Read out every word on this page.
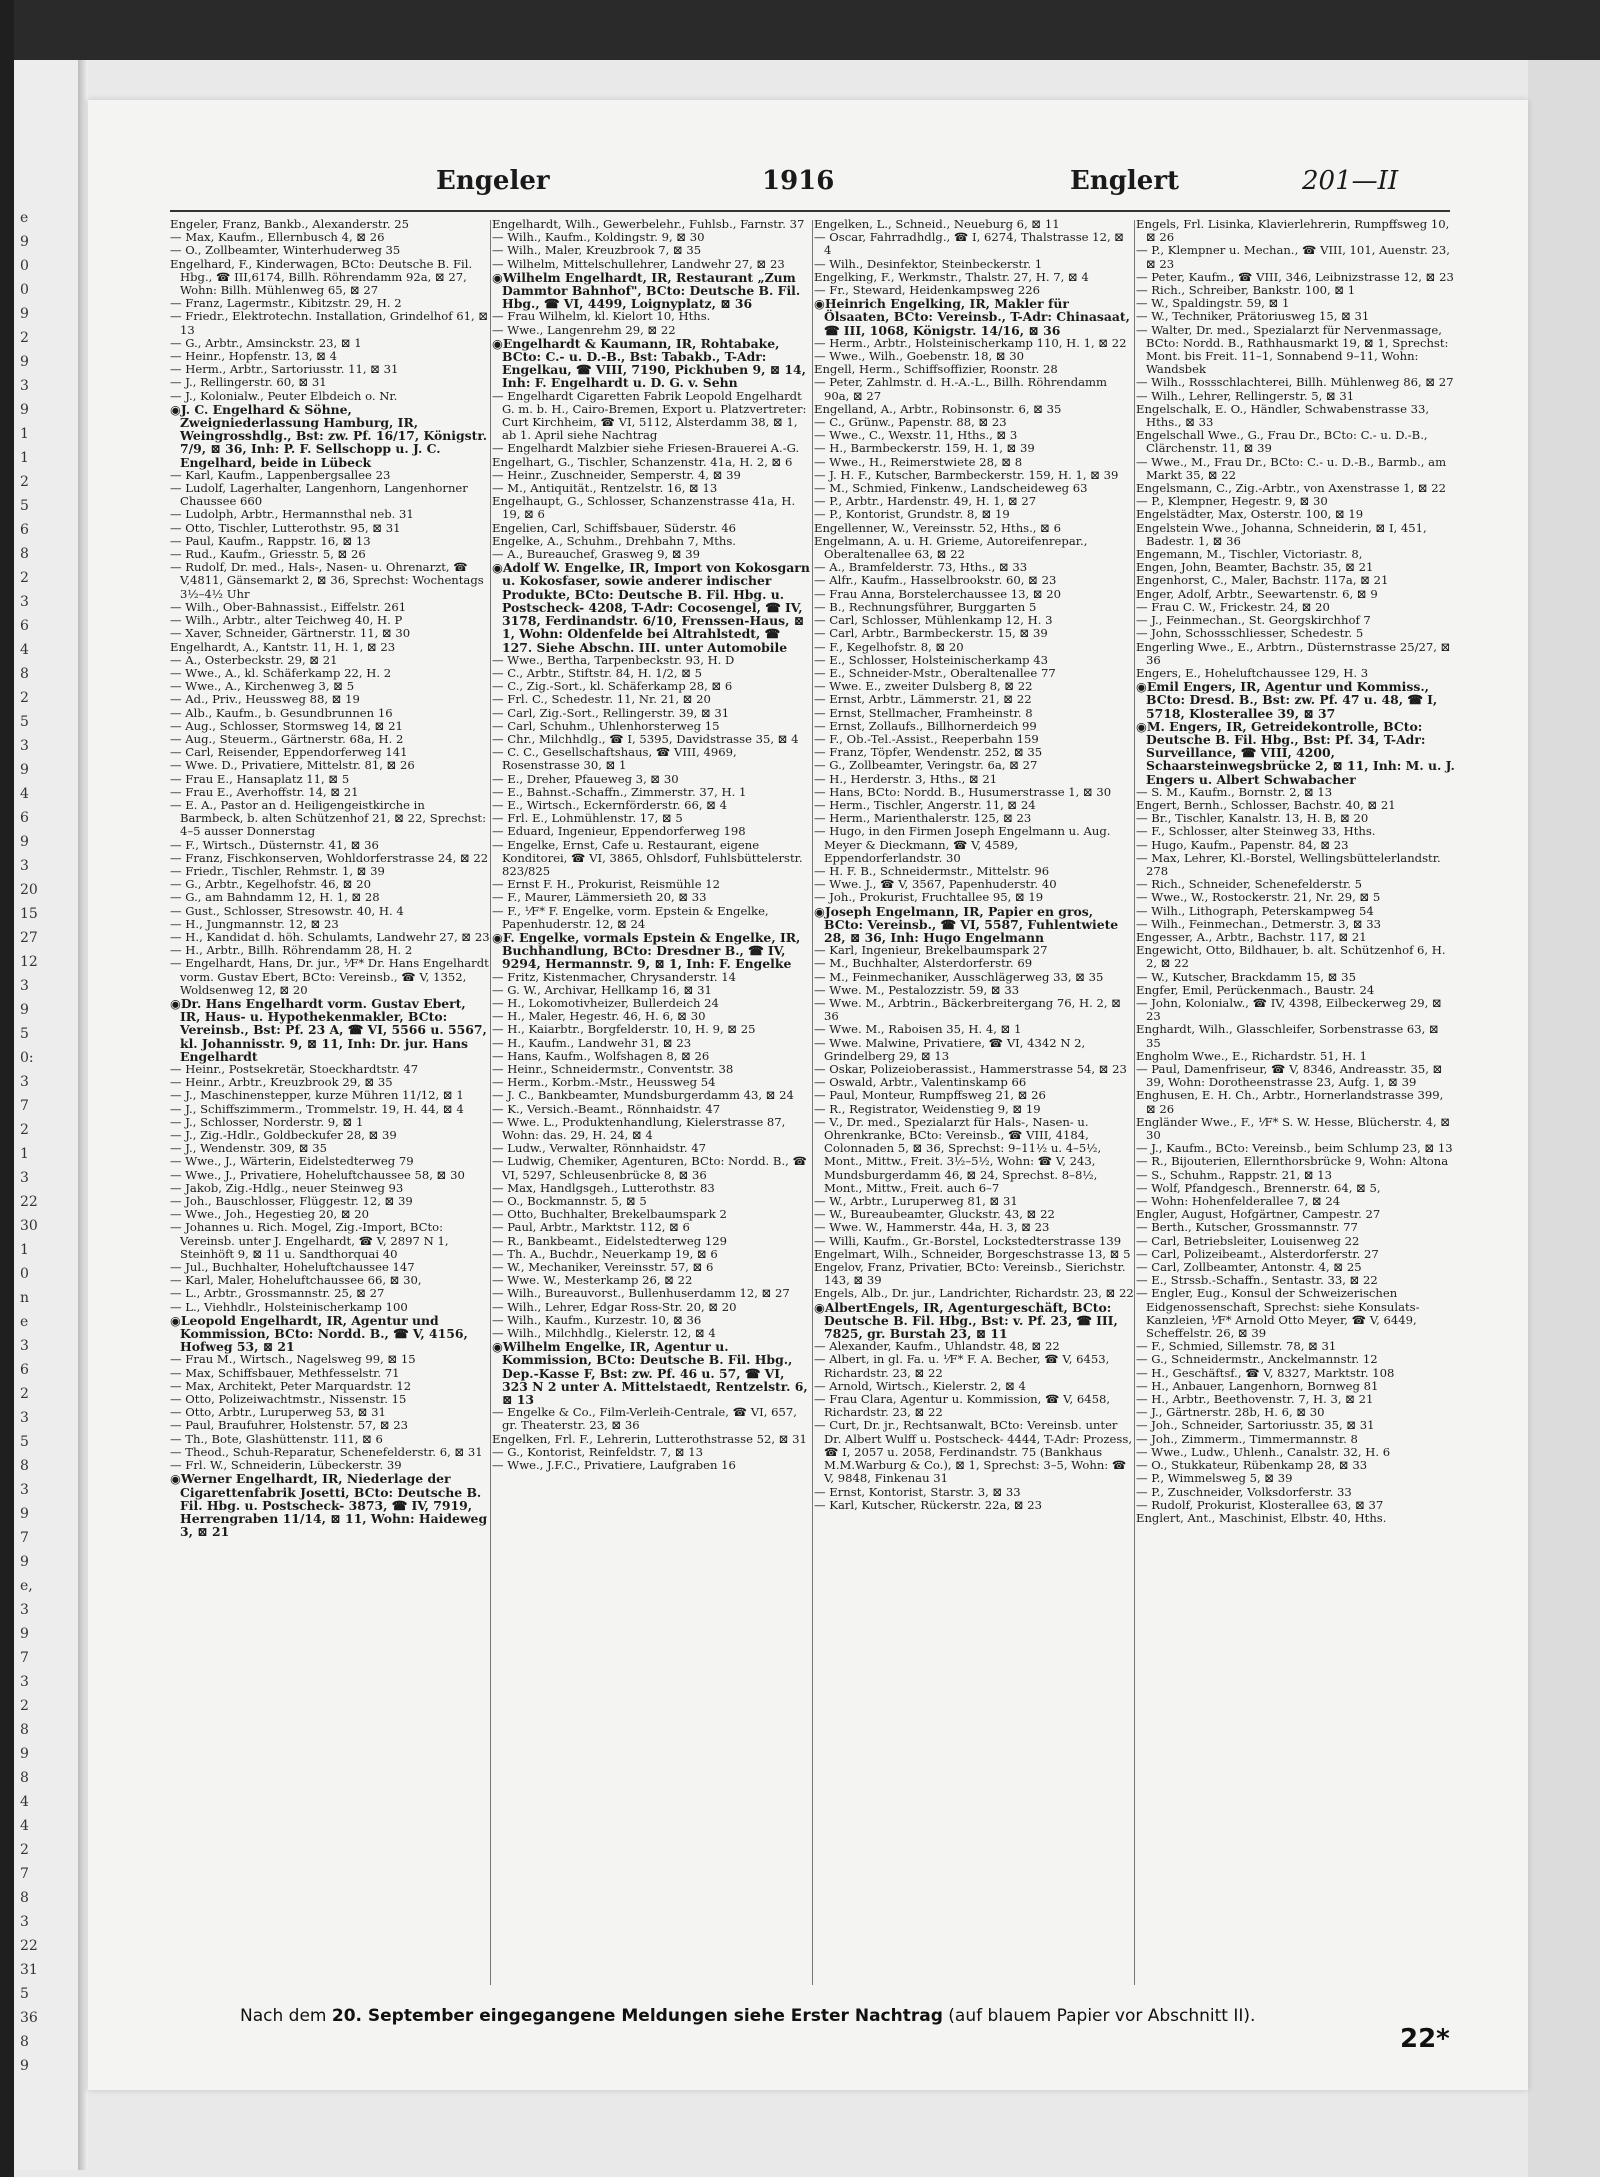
e
9
0
0
9
2
9
3
9
1
1
2
5
6
8
2
3
6
4
8
2
5
3
9
4
6
9
3
20
15
27
12
3
9
5
0:
3
7
2
1
3
22
30
1
0
n
e
3
6
2
3
5
8
3
9
7
9
e,
3
9
7
3
2
8
9
8
4
4
2
7
8
3
22
31
5
36
8
9
Engeler	1916	Englert	201—II

Engeler, Franz, Bankb., Alexanderstr. 25

— Max, Kaufm., Ellernbusch 4, ⊠ 26

— O., Zollbeamter, Winterhuderweg 35

Engelhard, F., Kinderwagen, BCto: Deutsche B. Fil. Hbg., ☎ III,6174, Billh. Röhrendamm 92a, ⊠ 27, Wohn: Billh. Mühlenweg 65, ⊠ 27

— Franz, Lagermstr., Kibitzstr. 29, H. 2

— Friedr., Elektrotechn. Installation, Grindelhof 61, ⊠ 13

— G., Arbtr., Amsinckstr. 23, ⊠ 1

— Heinr., Hopfenstr. 13, ⊠ 4

— Herm., Arbtr., Sartoriusstr. 11, ⊠ 31

— J., Rellingerstr. 60, ⊠ 31

— J., Kolonialw., Peuter Elbdeich o. Nr.

◉ J. C. Engelhard & Söhne, Zweigniederlassung Hamburg, IR, Weingrosshdlg., Bst: zw. Pf. 16/17, Königstr. 7/9, ⊠ 36, Inh: P. F. Sellschopp u. J. C. Engelhard, beide in Lübeck

— Karl, Kaufm., Lappenbergsallee 23

— Ludolf, Lagerhalter, Langenhorn, Langenhorner Chaussee 660

— Ludolph, Arbtr., Hermannsthal neb. 31

— Otto, Tischler, Lutterothstr. 95, ⊠ 31

— Paul, Kaufm., Rappstr. 16, ⊠ 13

— Rud., Kaufm., Griesstr. 5, ⊠ 26

— Rudolf, Dr. med., Hals-, Nasen- u. Ohrenarzt, ☎ V,4811, Gänsemarkt 2, ⊠ 36, Sprechst: Wochentags 3½–4½ Uhr

— Wilh., Ober-Bahnassist., Eiffelstr. 261

— Wilh., Arbtr., alter Teichweg 40, H. P

— Xaver, Schneider, Gärtnerstr. 11, ⊠ 30

Engelhardt, A., Kantstr. 11, H. 1, ⊠ 23

— A., Osterbeckstr. 29, ⊠ 21

— Wwe., A., kl. Schäferkamp 22, H. 2

— Wwe., A., Kirchenweg 3, ⊠ 5

— Ad., Priv., Heussweg 88, ⊠ 19

— Alb., Kaufm., b. Gesundbrunnen 16

— Aug., Schlosser, Stormsweg 14, ⊠ 21

— Aug., Steuerm., Gärtnerstr. 68a, H. 2

— Carl, Reisender, Eppendorferweg 141

— Wwe. D., Privatiere, Mittelstr. 81, ⊠ 26

— Frau E., Hansaplatz 11, ⊠ 5

— Frau E., Averhoffstr. 14, ⊠ 21

— E. A., Pastor an d. Heiligengeistkirche in Barmbeck, b. alten Schützenhof 21, ⊠ 22, Sprechst: 4–5 ausser Donnerstag

— F., Wirtsch., Düsternstr. 41, ⊠ 36

— Franz, Fischkonserven, Wohldorferstrasse 24, ⊠ 22

— Friedr., Tischler, Rehmstr. 1, ⊠ 39

— G., Arbtr., Kegelhofstr. 46, ⊠ 20

— G., am Bahndamm 12, H. 1, ⊠ 28

— Gust., Schlosser, Stresowstr. 40, H. 4

— H., Jungmannstr. 12, ⊠ 23

— H., Kandidat d. höh. Schulamts, Landwehr 27, ⊠ 23

— H., Arbtr., Billh. Röhrendamm 28, H. 2

— Engelhardt, Hans, Dr. jur., ⅟F* Dr. Hans Engelhardt vorm. Gustav Ebert, BCto: Vereinsb., ☎ V, 1352, Woldsenweg 12, ⊠ 20

◉ Dr. Hans Engelhardt vorm. Gustav Ebert, IR, Haus- u. Hypothekenmakler, BCto: Vereinsb., Bst: Pf. 23 A, ☎ VI, 5566 u. 5567, kl. Johannisstr. 9, ⊠ 11, Inh: Dr. jur. Hans Engelhardt

— Heinr., Postsekretär, Stoeckhardtstr. 47

— Heinr., Arbtr., Kreuzbrook 29, ⊠ 35

— J., Maschinenstepper, kurze Mühren 11/12, ⊠ 1

— J., Schiffszimmerm., Trommelstr. 19, H. 44, ⊠ 4

— J., Schlosser, Norderstr. 9, ⊠ 1

— J., Zig.-Hdlr., Goldbeckufer 28, ⊠ 39

— J., Wendenstr. 309, ⊠ 35

— Wwe., J., Wärterin, Eidelstedterweg 79

— Wwe., J., Privatiere, Hoheluftchaussee 58, ⊠ 30

— Jakob, Zig.-Hdlg., neuer Steinweg 93

— Joh., Bauschlosser, Flüggestr. 12, ⊠ 39

— Wwe., Joh., Hegestieg 20, ⊠ 20

— Johannes u. Rich. Mogel, Zig.-Import, BCto: Vereinsb. unter J. Engelhardt, ☎ V, 2897 N 1, Steinhöft 9, ⊠ 11 u. Sandthorquai 40

— Jul., Buchhalter, Hoheluftchaussee 147

— Karl, Maler, Hoheluftchaussee 66, ⊠ 30,

— L., Arbtr., Grossmannstr. 25, ⊠ 27

— L., Viehhdlr., Holsteinischerkamp 100

◉ Leopold Engelhardt, IR, Agentur und Kommission, BCto: Nordd. B., ☎ V, 4156, Hofweg 53, ⊠ 21

— Frau M., Wirtsch., Nagelsweg 99, ⊠ 15

— Max, Schiffsbauer, Methfesselstr. 71

— Max, Architekt, Peter Marquardstr. 12

— Otto, Polizeiwachtmstr., Nissenstr. 15

— Otto, Arbtr., Luruperweg 53, ⊠ 31

— Paul, Braufuhrer, Holstenstr. 57, ⊠ 23

— Th., Bote, Glashüttenstr. 111, ⊠ 6

— Theod., Schuh-Reparatur, Schenefelderstr. 6, ⊠ 31

— Frl. W., Schneiderin, Lübeckerstr. 39

◉ Werner Engelhardt, IR, Niederlage der Cigarettenfabrik Josetti, BCto: Deutsche B. Fil. Hbg. u. Postscheck- 3873, ☎ IV, 7919, Herrengraben 11/14, ⊠ 11, Wohn: Haideweg 3, ⊠ 21

Engelhardt, Wilh., Gewerbelehr., Fuhlsb., Farnstr. 37

— Wilh., Kaufm., Koldingstr. 9, ⊠ 30

— Wilh., Maler, Kreuzbrook 7, ⊠ 35

— Wilhelm, Mittelschullehrer, Landwehr 27, ⊠ 23

◉ Wilhelm Engelhardt, IR, Restaurant „Zum Dammtor Bahnhof", BCto: Deutsche B. Fil. Hbg., ☎ VI, 4499, Loignyplatz, ⊠ 36

— Frau Wilhelm, kl. Kielort 10, Hths.

— Wwe., Langenrehm 29, ⊠ 22

◉ Engelhardt & Kaumann, IR, Rohtabake, BCto: C.- u. D.-B., Bst: Tabakb., T-Adr: Engelkau, ☎ VIII, 7190, Pickhuben 9, ⊠ 14, Inh: F. Engelhardt u. D. G. v. Sehn

— Engelhardt Cigaretten Fabrik Leopold Engelhardt G. m. b. H., Cairo-Bremen, Export u. Platzvertreter: Curt Kirchheim, ☎ VI, 5112, Alsterdamm 38, ⊠ 1, ab 1. April siehe Nachtrag

— Engelhardt Malzbier siehe Friesen-Brauerei A.-G.

Engelhart, G., Tischler, Schanzenstr. 41a, H. 2, ⊠ 6

— Heinr., Zuschneider, Semperstr. 4, ⊠ 39

— M., Antiquität., Rentzelstr. 16, ⊠ 13

Engelhaupt, G., Schlosser, Schanzenstrasse 41a, H. 19, ⊠ 6

Engelien, Carl, Schiffsbauer, Süderstr. 46

Engelke, A., Schuhm., Drehbahn 7, Mths.

— A., Bureauchef, Grasweg 9, ⊠ 39

◉ Adolf W. Engelke, IR, Import von Kokosgarn u. Kokosfaser, sowie anderer indischer Produkte, BCto: Deutsche B. Fil. Hbg. u. Postscheck- 4208, T-Adr: Cocosengel, ☎ IV, 3178, Ferdinandstr. 6/10, Frenssen-Haus, ⊠ 1, Wohn: Oldenfelde bei Altrahlstedt, ☎ 127. Siehe Abschn. III. unter Automobile

— Wwe., Bertha, Tarpenbeckstr. 93, H. D

— C., Arbtr., Stiftstr. 84, H. 1/2, ⊠ 5

— C., Zig.-Sort., kl. Schäferkamp 28, ⊠ 6

— Frl. C., Schedestr. 11, Nr. 21, ⊠ 20

— Carl, Zig.-Sort., Rellingerstr. 39, ⊠ 31

— Carl, Schuhm., Uhlenhorsterweg 15

— Chr., Milchhdlg., ☎ I, 5395, Davidstrasse 35, ⊠ 4

— C. C., Gesellschaftshaus, ☎ VIII, 4969, Rosenstrasse 30, ⊠ 1

— E., Dreher, Pfaueweg 3, ⊠ 30

— E., Bahnst.-Schaffn., Zimmerstr. 37, H. 1

— E., Wirtsch., Eckernförderstr. 66, ⊠ 4

— Frl. E., Lohmühlenstr. 17, ⊠ 5

— Eduard, Ingenieur, Eppendorferweg 198

— Engelke, Ernst, Cafe u. Restaurant, eigene Konditorei, ☎ VI, 3865, Ohlsdorf, Fuhlsbüttelerstr. 823/825

— Ernst F. H., Prokurist, Reismühle 12

— F., Maurer, Lämmersieth 20, ⊠ 33

— F., ⅟F* F. Engelke, vorm. Epstein & Engelke, Papenhuderstr. 12, ⊠ 24

◉ F. Engelke, vormals Epstein & Engelke, IR, Buchhandlung, BCto: Dresdner B., ☎ IV, 9294, Hermannstr. 9, ⊠ 1, Inh: F. Engelke

— Fritz, Kistenmacher, Chrysanderstr. 14

— G. W., Archivar, Hellkamp 16, ⊠ 31

— H., Lokomotivheizer, Bullerdeich 24

— H., Maler, Hegestr. 46, H. 6, ⊠ 30

— H., Kaiarbtr., Borgfelderstr. 10, H. 9, ⊠ 25

— H., Kaufm., Landwehr 31, ⊠ 23

— Hans, Kaufm., Wolfshagen 8, ⊠ 26

— Heinr., Schneidermstr., Conventstr. 38

— Herm., Korbm.-Mstr., Heussweg 54

— J. C., Bankbeamter, Mundsburgerdamm 43, ⊠ 24

— K., Versich.-Beamt., Rönnhaidstr. 47

— Wwe. L., Produktenhandlung, Kielerstrasse 87, Wohn: das. 29, H. 24, ⊠ 4

— Ludw., Verwalter, Rönnhaidstr. 47

— Ludwig, Chemiker, Agenturen, BCto: Nordd. B., ☎ VI, 5297, Schleusenbrücke 8, ⊠ 36

— Max, Handlgsgeh., Lutterothstr. 83

— O., Bockmannstr. 5, ⊠ 5

— Otto, Buchhalter, Brekelbaumspark 2

— Paul, Arbtr., Marktstr. 112, ⊠ 6

— R., Bankbeamt., Eidelstedterweg 129

— Th. A., Buchdr., Neuerkamp 19, ⊠ 6

— W., Mechaniker, Vereinsstr. 57, ⊠ 6

— Wwe. W., Mesterkamp 26, ⊠ 22

— Wilh., Bureauvorst., Bullenhuserdamm 12, ⊠ 27

— Wilh., Lehrer, Edgar Ross-Str. 20, ⊠ 20

— Wilh., Kaufm., Kurzestr. 10, ⊠ 36

— Wilh., Milchhdlg., Kielerstr. 12, ⊠ 4

◉ Wilhelm Engelke, IR, Agentur u. Kommission, BCto: Deutsche B. Fil. Hbg., Dep.-Kasse F, Bst: zw. Pf. 46 u. 57, ☎ VI, 323 N 2 unter A. Mittelstaedt, Rentzelstr. 6, ⊠ 13

— Engelke & Co., Film-Verleih-Centrale, ☎ VI, 657, gr. Theaterstr. 23, ⊠ 36

Engelken, Frl. F., Lehrerin, Lutterothstrasse 52, ⊠ 31

— G., Kontorist, Reinfeldstr. 7, ⊠ 13

— Wwe., J.F.C., Privatiere, Laufgraben 16

Engelken, L., Schneid., Neueburg 6, ⊠ 11

— Oscar, Fahrradhdlg., ☎ I, 6274, Thalstrasse 12, ⊠ 4

— Wilh., Desinfektor, Steinbeckerstr. 1

Engelking, F., Werkmstr., Thalstr. 27, H. 7, ⊠ 4

— Fr., Steward, Heidenkampsweg 226

◉ Heinrich Engelking, IR, Makler für Ölsaaten, BCto: Vereinsb., T-Adr: Chinasaat, ☎ III, 1068, Königstr. 14/16, ⊠ 36

— Herm., Arbtr., Holsteinischerkamp 110, H. 1, ⊠ 22

— Wwe., Wilh., Goebenstr. 18, ⊠ 30

Engell, Herm., Schiffsoffizier, Roonstr. 28

— Peter, Zahlmstr. d. H.-A.-L., Billh. Röhrendamm 90a, ⊠ 27

Engelland, A., Arbtr., Robinsonstr. 6, ⊠ 35

— C., Grünw., Papenstr. 88, ⊠ 23

— Wwe., C., Wexstr. 11, Hths., ⊠ 3

— H., Barmbeckerstr. 159, H. 1, ⊠ 39

— Wwe., H., Reimerstwiete 28, ⊠ 8

— J. H. F., Kutscher, Barmbeckerstr. 159, H. 1, ⊠ 39

— M., Schmied, Finkenw., Landscheideweg 63

— P., Arbtr., Hardenstr. 49, H. 1, ⊠ 27

— P., Kontorist, Grundstr. 8, ⊠ 19

Engellenner, W., Vereinsstr. 52, Hths., ⊠ 6

Engelmann, A. u. H. Grieme, Autoreifenrepar., Oberaltenallee 63, ⊠ 22

— A., Bramfelderstr. 73, Hths., ⊠ 33

— Alfr., Kaufm., Hasselbrookstr. 60, ⊠ 23

— Frau Anna, Borstelerchaussee 13, ⊠ 20

— B., Rechnungsführer, Burggarten 5

— Carl, Schlosser, Mühlenkamp 12, H. 3

— Carl, Arbtr., Barmbeckerstr. 15, ⊠ 39

— F., Kegelhofstr. 8, ⊠ 20

— E., Schlosser, Holsteinischerkamp 43

— E., Schneider-Mstr., Oberaltenallee 77

— Wwe. E., zweiter Dulsberg 8, ⊠ 22

— Ernst, Arbtr., Lämmerstr. 21, ⊠ 22

— Ernst, Stellmacher, Framheinstr. 8

— Ernst, Zollaufs., Billhornerdeich 99

— F., Ob.-Tel.-Assist., Reeperbahn 159

— Franz, Töpfer, Wendenstr. 252, ⊠ 35

— G., Zollbeamter, Veringstr. 6a, ⊠ 27

— H., Herderstr. 3, Hths., ⊠ 21

— Hans, BCto: Nordd. B., Husumerstrasse 1, ⊠ 30

— Herm., Tischler, Angerstr. 11, ⊠ 24

— Herm., Marienthalerstr. 125, ⊠ 23

— Hugo, in den Firmen Joseph Engelmann u. Aug. Meyer & Dieckmann, ☎ V, 4589, Eppendorferlandstr. 30

— H. F. B., Schneidermstr., Mittelstr. 96

— Wwe. J., ☎ V, 3567, Papenhuderstr. 40

— Joh., Prokurist, Fruchtallee 95, ⊠ 19

◉ Joseph Engelmann, IR, Papier en gros, BCto: Vereinsb., ☎ VI, 5587, Fuhlentwiete 28, ⊠ 36, Inh: Hugo Engelmann

— Karl, Ingenieur, Brekelbaumspark 27

— M., Buchhalter, Alsterdorferstr. 69

— M., Feinmechaniker, Ausschlägerweg 33, ⊠ 35

— Wwe. M., Pestalozzistr. 59, ⊠ 33

— Wwe. M., Arbtrin., Bäckerbreitergang 76, H. 2, ⊠ 36

— Wwe. M., Raboisen 35, H. 4, ⊠ 1

— Wwe. Malwine, Privatiere, ☎ VI, 4342 N 2, Grindelberg 29, ⊠ 13

— Oskar, Polizeioberassist., Hammerstrasse 54, ⊠ 23

— Oswald, Arbtr., Valentinskamp 66

— Paul, Monteur, Rumpffsweg 21, ⊠ 26

— R., Registrator, Weidenstieg 9, ⊠ 19

— V., Dr. med., Spezialarzt für Hals-, Nasen- u. Ohrenkranke, BCto: Vereinsb., ☎ VIII, 4184, Colonnaden 5, ⊠ 36, Sprechst: 9–11½ u. 4–5½, Mont., Mittw., Freit. 3½–5½, Wohn: ☎ V, 243, Mundsburgerdamm 46, ⊠ 24, Sprechst. 8–8½, Mont., Mittw., Freit. auch 6–7

— W., Arbtr., Luruperweg 81, ⊠ 31

— W., Bureaubeamter, Gluckstr. 43, ⊠ 22

— Wwe. W., Hammerstr. 44a, H. 3, ⊠ 23

— Willi, Kaufm., Gr.-Borstel, Lockstedterstrasse 139

Engelmart, Wilh., Schneider, Borgeschstrasse 13, ⊠ 5

Engelov, Franz, Privatier, BCto: Vereinsb., Sierichstr. 143, ⊠ 39

Engels, Alb., Dr. jur., Landrichter, Richardstr. 23, ⊠ 22

◉ AlbertEngels, IR, Agenturgeschäft, BCto: Deutsche B. Fil. Hbg., Bst: v. Pf. 23, ☎ III, 7825, gr. Burstah 23, ⊠ 11

— Alexander, Kaufm., Uhlandstr. 48, ⊠ 22

— Albert, in gl. Fa. u. ⅟F* F. A. Becher, ☎ V, 6453, Richardstr. 23, ⊠ 22

— Arnold, Wirtsch., Kielerstr. 2, ⊠ 4

— Frau Clara, Agentur u. Kommission, ☎ V, 6458, Richardstr. 23, ⊠ 22

— Curt, Dr. jr., Rechtsanwalt, BCto: Vereinsb. unter Dr. Albert Wulff u. Postscheck- 4444, T-Adr: Prozess, ☎ I, 2057 u. 2058, Ferdinandstr. 75 (Bankhaus M.M.Warburg & Co.), ⊠ 1, Sprechst: 3–5, Wohn: ☎ V, 9848, Finkenau 31

— Ernst, Kontorist, Starstr. 3, ⊠ 33

— Karl, Kutscher, Rückerstr. 22a, ⊠ 23

Engels, Frl. Lisinka, Klavierlehrerin, Rumpffsweg 10, ⊠ 26

— P., Klempner u. Mechan., ☎ VIII, 101, Auenstr. 23, ⊠ 23

— Peter, Kaufm., ☎ VIII, 346, Leibnizstrasse 12, ⊠ 23

— Rich., Schreiber, Bankstr. 100, ⊠ 1

— W., Spaldingstr. 59, ⊠ 1

— W., Techniker, Prätoriusweg 15, ⊠ 31

— Walter, Dr. med., Spezialarzt für Nervenmassage, BCto: Nordd. B., Rathhausmarkt 19, ⊠ 1, Sprechst: Mont. bis Freit. 11–1, Sonnabend 9–11, Wohn: Wandsbek

— Wilh., Rossschlachterei, Billh. Mühlenweg 86, ⊠ 27

— Wilh., Lehrer, Rellingerstr. 5, ⊠ 31

Engelschalk, E. O., Händler, Schwabenstrasse 33, Hths., ⊠ 33

Engelschall Wwe., G., Frau Dr., BCto: C.- u. D.-B., Clärchenstr. 11, ⊠ 39

— Wwe., M., Frau Dr., BCto: C.- u. D.-B., Barmb., am Markt 35, ⊠ 22

Engelsmann, C., Zig.-Arbtr., von Axenstrasse 1, ⊠ 22

— P., Klempner, Hegestr. 9, ⊠ 30

Engelstädter, Max, Osterstr. 100, ⊠ 19

Engelstein Wwe., Johanna, Schneiderin, ⊠ I, 451, Badestr. 1, ⊠ 36

Engemann, M., Tischler, Victoriastr. 8,

Engen, John, Beamter, Bachstr. 35, ⊠ 21

Engenhorst, C., Maler, Bachstr. 117a, ⊠ 21

Enger, Adolf, Arbtr., Seewartenstr. 6, ⊠ 9

— Frau C. W., Frickestr. 24, ⊠ 20

— J., Feinmechan., St. Georgskirchhof 7

— John, Schossschliesser, Schedestr. 5

Engerling Wwe., E., Arbtrn., Düsternstrasse 25/27, ⊠ 36

Engers, E., Hoheluftchaussee 129, H. 3

◉ Emil Engers, IR, Agentur und Kommiss., BCto: Dresd. B., Bst: zw. Pf. 47 u. 48, ☎ I, 5718, Klosterallee 39, ⊠ 37

◉ M. Engers, IR, Getreidekontrolle, BCto: Deutsche B. Fil. Hbg., Bst: Pf. 34, T-Adr: Surveillance, ☎ VIII, 4200, Schaarsteinwegsbrücke 2, ⊠ 11, Inh: M. u. J. Engers u. Albert Schwabacher

— S. M., Kaufm., Bornstr. 2, ⊠ 13

Engert, Bernh., Schlosser, Bachstr. 40, ⊠ 21

— Br., Tischler, Kanalstr. 13, H. B, ⊠ 20

— F., Schlosser, alter Steinweg 33, Hths.

— Hugo, Kaufm., Papenstr. 84, ⊠ 23

— Max, Lehrer, Kl.-Borstel, Wellingsbüttelerlandstr. 278

— Rich., Schneider, Schenefelderstr. 5

— Wwe., W., Rostockerstr. 21, Nr. 29, ⊠ 5

— Wilh., Lithograph, Peterskampweg 54

— Wilh., Feinmechan., Detmerstr. 3, ⊠ 33

Engesser, A., Arbtr., Bachstr. 117, ⊠ 21

Engewicht, Otto, Bildhauer, b. alt. Schützenhof 6, H. 2, ⊠ 22

— W., Kutscher, Brackdamm 15, ⊠ 35

Engfer, Emil, Perückenmach., Baustr. 24

— John, Kolonialw., ☎ IV, 4398, Eilbeckerweg 29, ⊠ 23

Enghardt, Wilh., Glasschleifer, Sorbenstrasse 63, ⊠ 35

Engholm Wwe., E., Richardstr. 51, H. 1

— Paul, Damenfriseur, ☎ V, 8346, Andreasstr. 35, ⊠ 39, Wohn: Dorotheenstrasse 23, Aufg. 1, ⊠ 39

Enghusen, E. H. Ch., Arbtr., Hornerlandstrasse 399, ⊠ 26

Engländer Wwe., F., ⅟F* S. W. Hesse, Blücherstr. 4, ⊠ 30

— J., Kaufm., BCto: Vereinsb., beim Schlump 23, ⊠ 13

— R., Bijouterien, Ellernthorsbrücke 9, Wohn: Altona

— S., Schuhm., Rappstr. 21, ⊠ 13

— Wolf, Pfandgesch., Brennerstr. 64, ⊠ 5,

— Wohn: Hohenfelderallee 7, ⊠ 24

Engler, August, Hofgärtner, Campestr. 27

— Berth., Kutscher, Grossmannstr. 77

— Carl, Betriebsleiter, Louisenweg 22

— Carl, Polizeibeamt., Alsterdorferstr. 27

— Carl, Zollbeamter, Antonstr. 4, ⊠ 25

— E., Strssb.-Schaffn., Sentastr. 33, ⊠ 22

— Engler, Eug., Konsul der Schweizerischen Eidgenossenschaft, Sprechst: siehe Konsulats-Kanzleien, ⅟F* Arnold Otto Meyer, ☎ V, 6449, Scheffelstr. 26, ⊠ 39

— F., Schmied, Sillemstr. 78, ⊠ 31

— G., Schneidermstr., Anckelmannstr. 12

— H., Geschäftsf., ☎ V, 8327, Marktstr. 108

— H., Anbauer, Langenhorn, Bornweg 81

— H., Arbtr., Beethovenstr. 7, H. 3, ⊠ 21

— J., Gärtnerstr. 28b, H. 6, ⊠ 30

— Joh., Schneider, Sartoriusstr. 35, ⊠ 31

— Joh., Zimmerm., Timmermannstr. 8

— Wwe., Ludw., Uhlenh., Canalstr. 32, H. 6

— O., Stukkateur, Rübenkamp 28, ⊠ 33

— P., Wimmelsweg 5, ⊠ 39

— P., Zuschneider, Volksdorferstr. 33

— Rudolf, Prokurist, Klosterallee 63, ⊠ 37

Englert, Ant., Maschinist, Elbstr. 40, Hths.

Nach dem 20. September eingegangene Meldungen siehe Erster Nachtrag (auf blauem Papier vor Abschnitt II).
22*
